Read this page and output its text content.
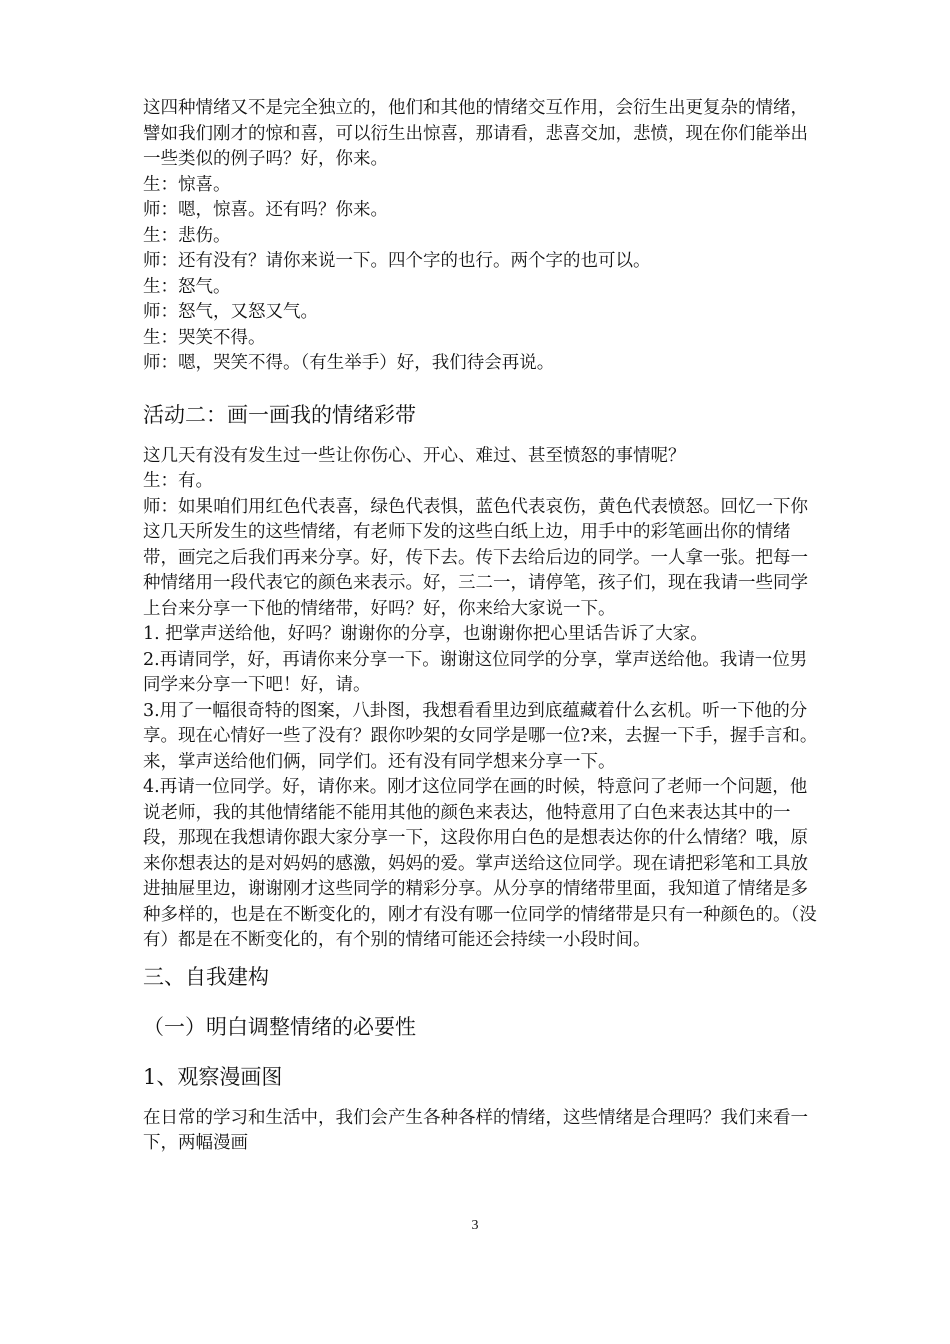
这四种情绪又不是完全独立的，他们和其他的情绪交互作用，会衍生出更复杂的情绪，譬如我们刚才的惊和喜，可以衍生出惊喜，那请看，悲喜交加，悲愤，现在你们能举出一些类似的例子吗？好，你来。

生：惊喜。

师：嗯，惊喜。还有吗？你来。

生：悲伤。

师：还有没有？请你来说一下。四个字的也行。两个字的也可以。

生：怒气。

师：怒气，又怒又气。

生：哭笑不得。

师：嗯，哭笑不得。（有生举手）好，我们待会再说。

活动二：画一画我的情绪彩带

这几天有没有发生过一些让你伤心、开心、难过、甚至愤怒的事情呢？

生：有。

师：如果咱们用红色代表喜，绿色代表惧，蓝色代表哀伤，黄色代表愤怒。回忆一下你这几天所发生的这些情绪，有老师下发的这些白纸上边，用手中的彩笔画出你的情绪带，画完之后我们再来分享。好，传下去。传下去给后边的同学。一人拿一张。把每一种情绪用一段代表它的颜色来表示。好，三二一，请停笔，孩子们，现在我请一些同学上台来分享一下他的情绪带，好吗？好，你来给大家说一下。

1. 把掌声送给他，好吗？谢谢你的分享，也谢谢你把心里话告诉了大家。

2.再请同学，好，再请你来分享一下。谢谢这位同学的分享，掌声送给他。我请一位男同学来分享一下吧！好，请。

3.用了一幅很奇特的图案，八卦图，我想看看里边到底蕴藏着什么玄机。听一下他的分享。现在心情好一些了没有？跟你吵架的女同学是哪一位?来，去握一下手，握手言和。来，掌声送给他们俩，同学们。还有没有同学想来分享一下。

4.再请一位同学。好，请你来。刚才这位同学在画的时候，特意问了老师一个问题，他说老师，我的其他情绪能不能用其他的颜色来表达，他特意用了白色来表达其中的一段，那现在我想请你跟大家分享一下，这段你用白色的是想表达你的什么情绪？哦，原来你想表达的是对妈妈的感激，妈妈的爱。掌声送给这位同学。现在请把彩笔和工具放进抽屉里边，谢谢刚才这些同学的精彩分享。从分享的情绪带里面，我知道了情绪是多种多样的，也是在不断变化的，刚才有没有哪一位同学的情绪带是只有一种颜色的。（没有）都是在不断变化的，有个别的情绪可能还会持续一小段时间。

三、自我建构
（一）明白调整情绪的必要性
1、观察漫画图

在日常的学习和生活中，我们会产生各种各样的情绪，这些情绪是合理吗？我们来看一下，两幅漫画

3
